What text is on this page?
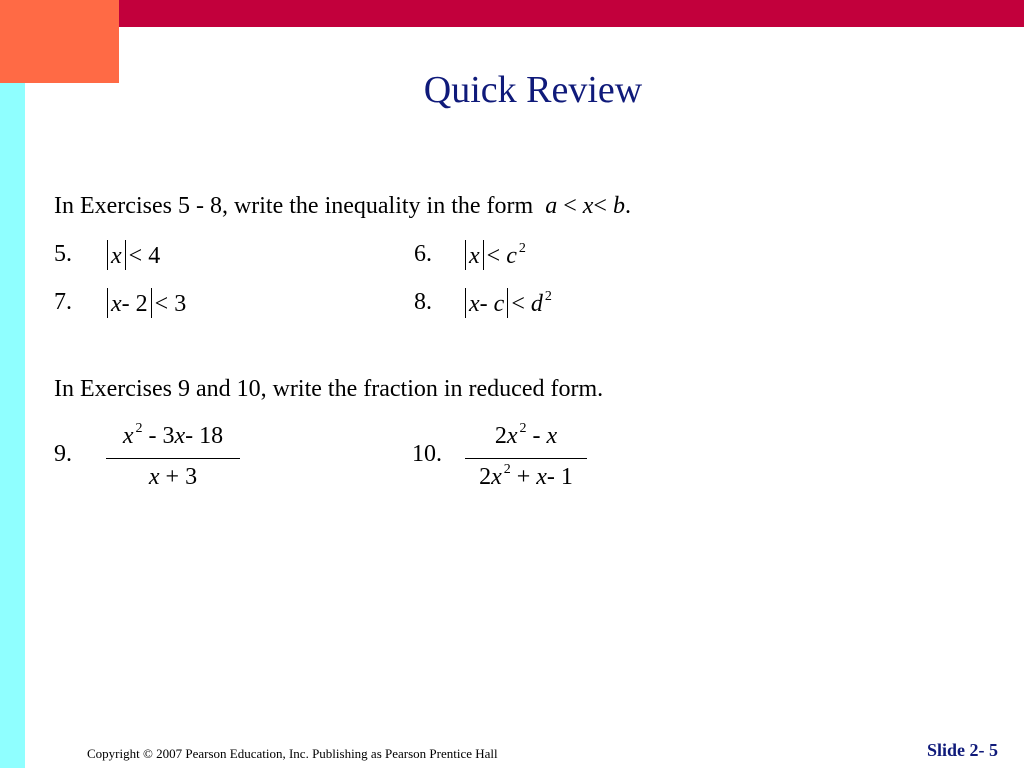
Quick Review
In Exercises 5 - 8, write the inequality in the form a < x< b.
5. x < 4	6. x < c $^2$
7. x- 2 < 3	8. x- c < d $^2$
In Exercises 9 and 10, write the fraction in reduced form.
9.
x $^2$ - 3x- 18
x + 3
10.
2x $^2$ - x
2x $^2$ + x- 1
Copyright © 2007 Pearson Education, Inc. Publishing as Pearson Prentice Hall	Slide 2- 5
